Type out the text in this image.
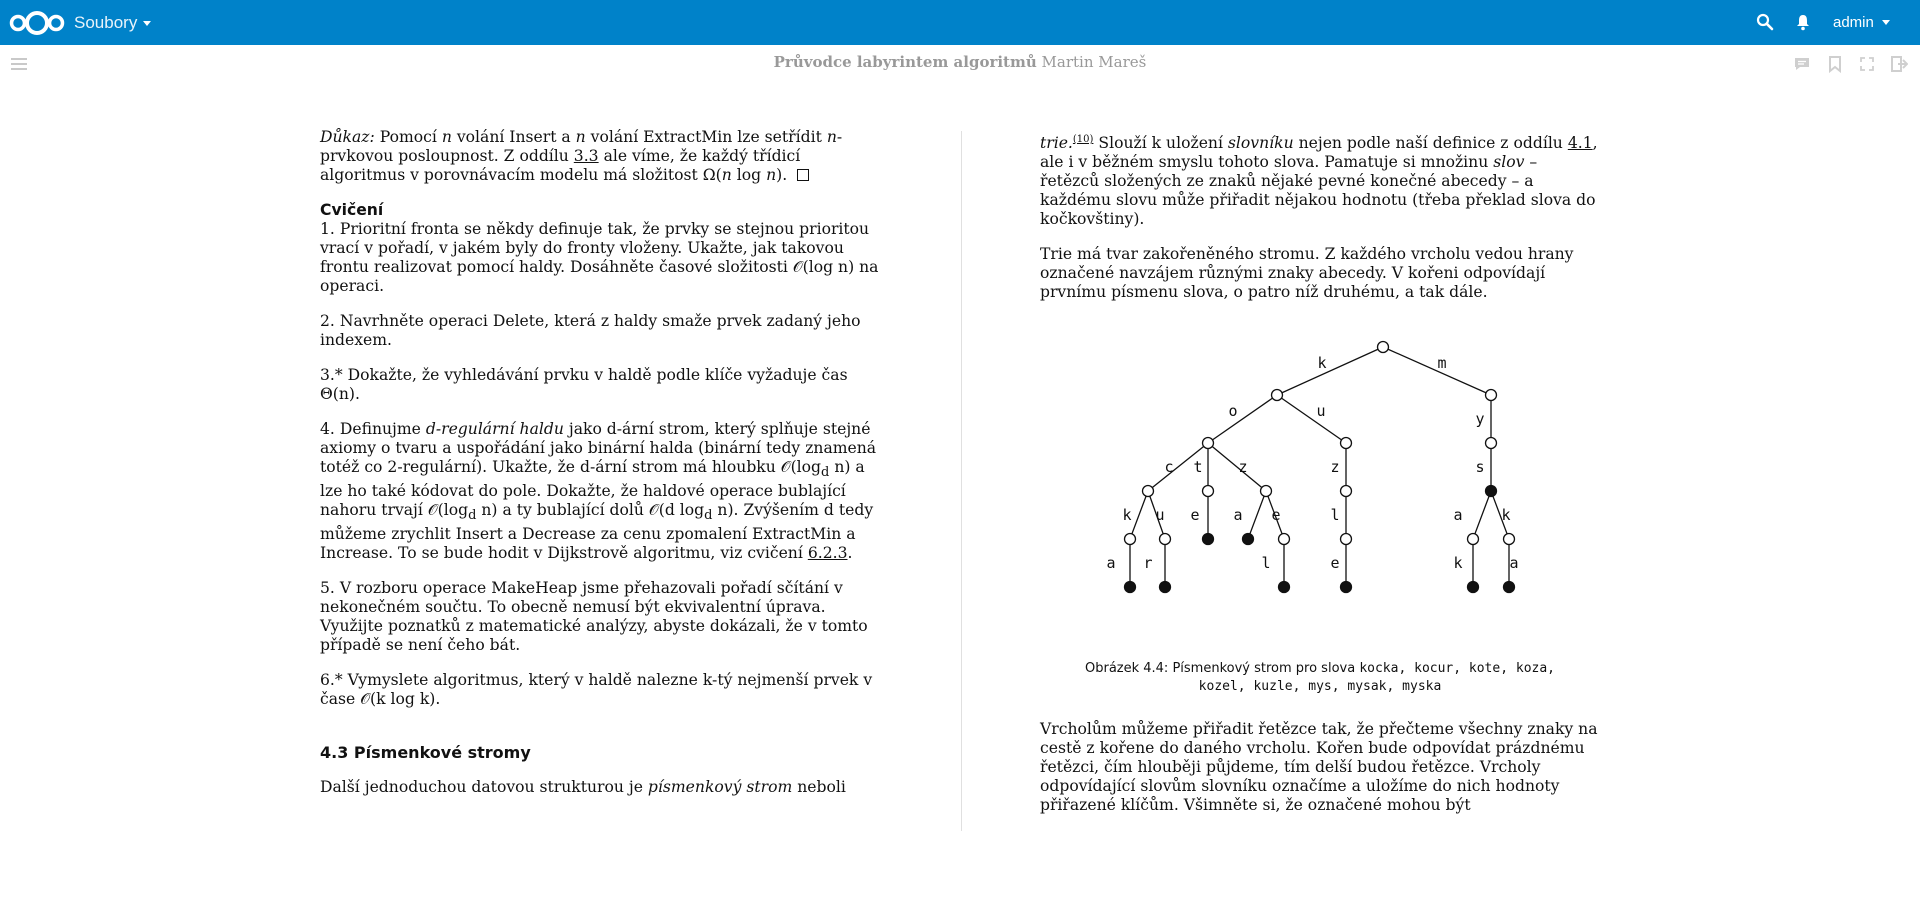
Soubory	admin
Průvodce labyrintem algoritmů Martin Mareš

Důkaz: Pomocí n volání Insert a n volání ExtractMin lze setřídit n-prvkovou posloupnost. Z oddílu 3.3 ale víme, že každý třídicí algoritmus v porovnávacím modelu má složitost Ω(n log n).

Cvičení

1. Prioritní fronta se někdy definuje tak, že prvky se stejnou prioritou vrací v pořadí, v jakém byly do fronty vloženy. Ukažte, jak takovou frontu realizovat pomocí haldy. Dosáhněte časové složitosti 𝒪(log n) na operaci.

2. Navrhněte operaci Delete, která z haldy smaže prvek zadaný jeho indexem.

3.* Dokažte, že vyhledávání prvku v haldě podle klíče vyžaduje čas Θ(n).

4. Definujme d-regulární haldu jako d-ární strom, který splňuje stejné axiomy o tvaru a uspořádání jako binární halda (binární tedy znamená totéž co 2-regulární). Ukažte, že d-ární strom má hloubku $𝒪(\log_d$ n) a lze ho také kódovat do pole. Dokažte, že haldové operace bublající nahoru trvají $𝒪(\log_d$ n) a ty bublající dolů 𝒪(d $\log_d n$). Zvýšením d tedy můžeme zrychlit Insert a Decrease za cenu zpomalení ExtractMin a Increase. To se bude hodit v Dijkstrově algoritmu, viz cvičení 6.2.3.

5. V rozboru operace MakeHeap jsme přehazovali pořadí sčítání v nekonečném součtu. To obecně nemusí být ekvivalentní úprava. Využijte poznatků z matematické analýzy, abyste dokázali, že v tomto případě se není čeho bát.

6.* Vymyslete algoritmus, který v haldě nalezne k-tý nejmenší prvek v čase 𝒪(k log k).

4.3 Písmenkové stromy

Další jednoduchou datovou strukturou je písmenkový strom neboli

trie.$^{(10)}$ Slouží k uložení slovníku nejen podle naší definice z oddílu 4.1, ale i v běžném smyslu tohoto slova. Pamatuje si množinu slov – řetězců složených ze znaků nějaké pevné konečné abecedy – a každému slovu může přiřadit nějakou hodnotu (třeba překlad slova do kočkovštiny).

Trie má tvar zakořeněného stromu. Z každého vrcholu vedou hrany označené navzájem různými znaky abecedy. V kořeni odpovídají prvnímu písmenu slova, o patro níž druhému, a tak dále.

k	m
o	u	y
c t z	z	s
k u e a e	l	a	k
a r	l	e	k	a
Obrázek 4.4: Písmenkový strom pro slova kocka, kocur, kote, koza,
kozel, kuzle, mys, mysak, myska

Vrcholům můžeme přiřadit řetězce tak, že přečteme všechny znaky na cestě z kořene do daného vrcholu. Kořen bude odpovídat prázdnému řetězci, čím hlouběji půjdeme, tím delší budou řetězce. Vrcholy odpovídající slovům slovníku označíme a uložíme do nich hodnoty přiřazené klíčům. Všimněte si, že označené mohou být
